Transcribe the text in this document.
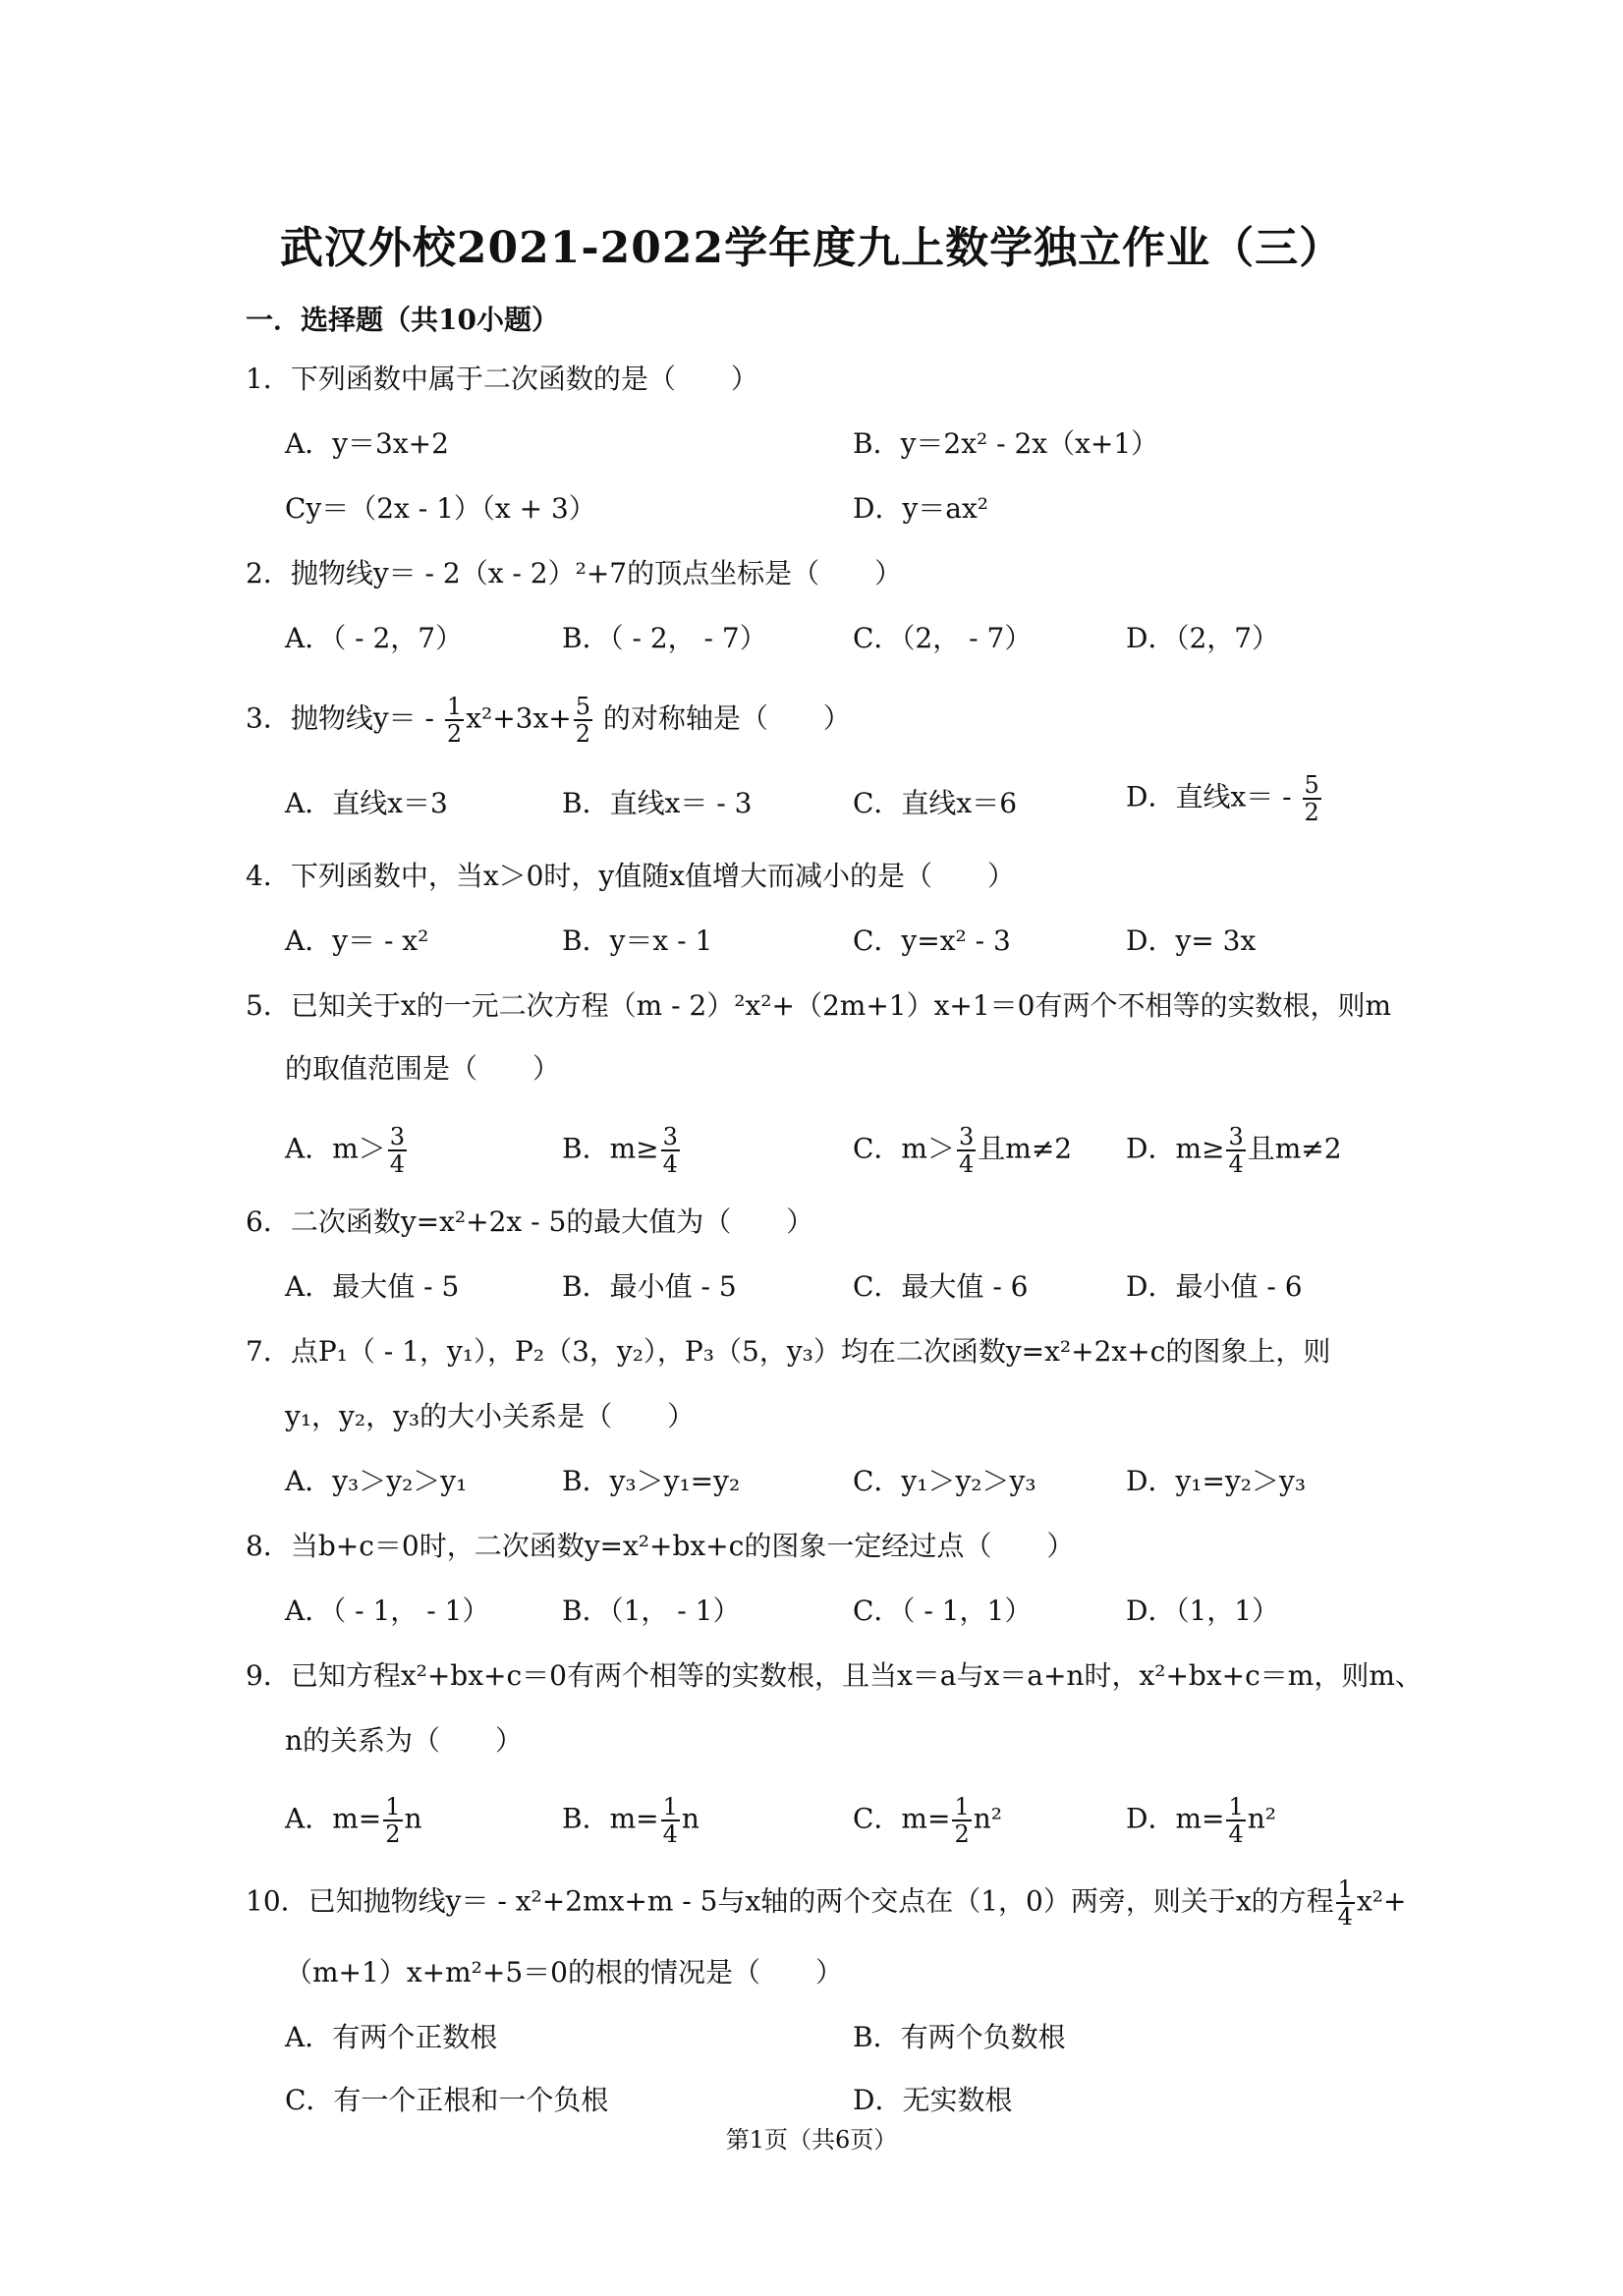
武汉外校2021-2022学年度九上数学独立作业（三）
一．选择题（共10小题）
1．下列函数中属于二次函数的是（　　）
A．y＝3x+2	B．y＝2x² - 2x（x+1）
Cy＝（2x - 1）（x + 3）	D．y＝ax²
2．抛物线y＝ - 2（x - 2）²+7的顶点坐标是（　　）
A．（ - 2，7）	B．（ - 2， - 7）	C．（2， - 7）	D．（2，7）
3．抛物线$y= - \frac{1}{2} x^2+3x+ \frac{5}{2}$ 的对称轴是（　　）
A．直线x＝3	B．直线x＝ - 3	C．直线x＝6	D．直线$x= - \frac{5}{2}$
4．下列函数中，当x＞0时，y值随x值增大而减小的是（　　）
A．y＝ - x²	B．y＝x - 1	C．y=x² - 3	D．y= 3x
5．已知关于x的一元二次方程（m - 2）²x²+（2m+1）x+1＝0有两个不相等的实数根，则m
的取值范围是（　　）
A．$m> \frac{3}{4}$	B．$m\ge \frac{3}{4}$	C．$m> \frac{3}{4}$ 且m≠2 D．$m\ge \frac{3}{4}$ 且m≠2
6．二次函数y=x²+2x - 5的最大值为（　　）
A．最大值 - 5	B．最小值 - 5	C．最大值 - 6	D．最小值 - 6
7．点P₁（ - 1，y₁），P₂（3，y₂），P₃（5，y₃）均在二次函数y=x²+2x+c的图象上，则
y₁，y₂，y₃的大小关系是（　　）
A．y₃＞y₂＞y₁	B．y₃＞y₁=y₂	C．y₁＞y₂＞y₃	D．y₁=y₂＞y₃
8．当b+c＝0时，二次函数y=x²+bx+c的图象一定经过点（　　）
A．（ - 1， - 1）	B．（1， - 1）	C．（ - 1，1）	D．（1，1）
9．已知方程x²+bx+c＝0有两个相等的实数根，且当x＝a与x＝a+n时，x²+bx+c＝m，则m、
n的关系为（　　）
A．$m= \frac{1}{2}$ n	B．$m= \frac{1}{4}$ n	C．$m= \frac{1}{2} n^2$	D．$m= \frac{1}{4} n^2$
10．已知抛物线y＝ - x²+2mx+m - 5与x轴的两个交点在（1，0）两旁，则关于x的方程 $\frac{1}{4} x^2+$
（m+1）x+m²+5＝0的根的情况是（　　）
A．有两个正数根	B．有两个负数根
C．有一个正根和一个负根	D．无实数根
第1页（共6页）
